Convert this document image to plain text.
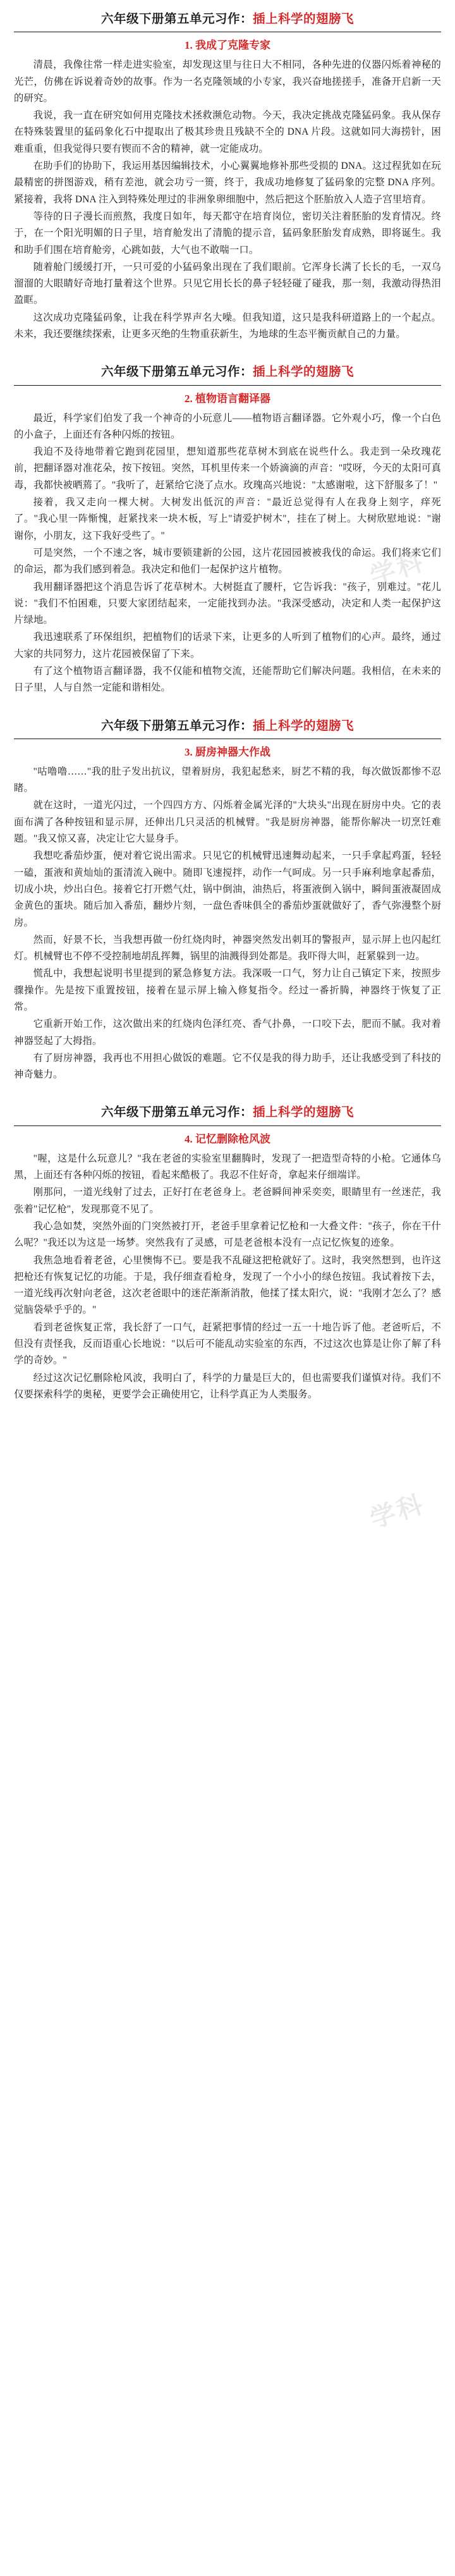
六年级下册第五单元习作：插上科学的翅膀飞
1. 我成了克隆专家

清晨，我像往常一样走进实验室，却发现这里与往日大不相同，各种先进的仪器闪烁着神秘的光芒，仿佛在诉说着奇妙的故事。作为一名克隆领域的小专家，我兴奋地搓搓手，准备开启新一天的研究。

我说，我一直在研究如何用克隆技术拯救濒危动物。今天，我决定挑战克隆猛码象。我从保存在特殊装置里的猛码象化石中提取出了极其珍贵且残缺不全的 DNA 片段。这就如同大海捞针，困难重重，但我觉得只要有锲而不舍的精神，就一定能成功。

在助手们的协助下，我运用基因编辑技术，小心翼翼地修补那些受损的 DNA。这过程犹如在玩最精密的拼图游戏，稍有差池，就会功亏一篑，终于，我成功地修复了猛码象的完整 DNA 序列。紧接着，我将 DNA 注入到特殊处理过的非洲象卵细胞中，然后把这个胚胎放入人造子宫里培育。

等待的日子漫长而煎熬，我度日如年，每天都守在培育岗位，密切关注着胚胎的发育情况。终于，在一个阳光明媚的日子里，培育舱发出了清脆的提示音，猛码象胚胎发育成熟，即将诞生。我和助手们围在培育舱旁，心跳如鼓，大气也不敢喘一口。

随着舱门缓缓打开，一只可爱的小猛码象出现在了我们眼前。它浑身长满了长长的毛，一双乌溜溜的大眼睛好奇地打量着这个世界。只见它用长长的鼻子轻轻碰了碰我，那一刻，我激动得热泪盈眶。

这次成功克隆猛码象，让我在科学界声名大噪。但我知道，这只是我科研道路上的一个起点。未来，我还要继续探索，让更多灭绝的生物重获新生，为地球的生态平衡贡献自己的力量。

学科
六年级下册第五单元习作：插上科学的翅膀飞
2. 植物语言翻译器

最近，科学家们伯发了我一个神奇的小玩意儿——植物语言翻译器。它外观小巧，像一个白色的小盒子，上面还有各种闪烁的按钮。

我迫不及待地带着它跑到花园里，想知道那些花草树木到底在说些什么。我走到一朵玫瑰花前，把翻译器对准花朵，按下按钮。突然，耳机里传来一个娇滴滴的声音："哎呀，今天的太阳可真毒，我都快被晒蔫了。"我听了，赶紧给它浇了点水。玫瑰高兴地说："太感谢啦，这下舒服多了！"

接着，我又走向一棵大树。大树发出低沉的声音："最近总觉得有人在我身上刻字，痒死了。"我心里一阵惭愧，赶紧找来一块木板，写上"请爱护树木"，挂在了树上。大树欣慰地说："谢谢你，小朋友，这下我好受些了。"

可是突然，一个不速之客，城市要锁建新的公园，这片花园园被被我伐的命运。我们将来它们的命运，都为我们感到着急。我决定和他们一起保护这片植物。

我用翻译器把这个消息告诉了花草树木。大树挺直了腰杆，它告诉我："孩子，别难过。"花儿说："我们不怕困难，只要大家团结起来，一定能找到办法。"我深受感动，决定和人类一起保护这片绿地。

我迅速联系了环保组织，把植物们的话录下来，让更多的人听到了植物们的心声。最终，通过大家的共同努力，这片花园被保留了下来。

有了这个植物语言翻译器，我不仅能和植物交流，还能帮助它们解决问题。我相信，在未来的日子里，人与自然一定能和谐相处。

六年级下册第五单元习作：插上科学的翅膀飞
3. 厨房神器大作战

"咕噜噜……"我的肚子发出抗议，望着厨房，我犯起愁来，厨艺不精的我，每次做饭都惨不忍睹。

就在这时，一道光闪过，一个四四方方、闪烁着金属光泽的"大块头"出现在厨房中央。它的表面布满了各种按钮和显示屏，还伸出几只灵活的机械臂。"我是厨房神器，能帮你解决一切烹饪难题。"我又惊又喜，决定让它大显身手。

我想吃番茄炒蛋，便对着它说出需求。只见它的机械臂迅速舞动起来，一只手拿起鸡蛋，轻轻一磕，蛋液和黄灿灿的蛋清流入碗中。随即飞速搅拌，动作一气呵成。另一只手麻利地拿起番茄，切成小块，炒出白色。接着它打开燃气灶，锅中倒油，油热后，将蛋液倒入锅中，瞬间蛋液凝固成金黄色的蛋块。随后加入番茄，翻炒片刻，一盘色香味俱全的番茄炒蛋就做好了，香气弥漫整个厨房。

然而，好景不长，当我想再做一份红烧肉时，神器突然发出刺耳的警报声，显示屏上也闪起红灯。机械臂也不停不受控制地胡乱挥舞，锅里的油溅得到处都是。我吓得大叫，赶紧躲到一边。

慌乱中，我想起说明书里提到的紧急修复方法。我深吸一口气，努力让自己镇定下来，按照步骤操作。先是按下重置按钮，接着在显示屏上输入修复指令。经过一番折腾，神器终于恢复了正常。

它重新开始工作，这次做出来的红烧肉色泽红亮、香气扑鼻，一口咬下去，肥而不腻。我对着神器竖起了大拇指。

有了厨房神器，我再也不用担心做饭的难题。它不仅是我的得力助手，还让我感受到了科技的神奇魅力。

学科
六年级下册第五单元习作：插上科学的翅膀飞
4. 记忆删除枪风波

"喔，这是什么玩意儿？"我在老爸的实验室里翻腾时，发现了一把造型奇特的小枪。它通体乌黑，上面还有各种闪烁的按钮，看起来酷极了。我忍不住好奇，拿起来仔细端详。

刚那问，一道光线射了过去，正好打在老爸身上。老爸瞬间神采奕奕，眼睛里有一丝迷茫，我张着"记忆枪"，发现那竟不见了。

我心急如焚，突然外面的门突然被打开，老爸手里拿着记忆枪和一大叠文件："孩子，你在干什么呢？"我还以为这是一场梦。突然我有了灵感，可是老爸根本没有一点记忆恢复的迹象。

我焦急地看着老爸，心里懊悔不已。要是我不乱碰这把枪就好了。这时，我突然想到，也许这把枪还有恢复记忆的功能。于是，我仔细查看枪身，发现了一个小小的绿色按钮。我试着按下去，一道光线再次射向老爸，这次老爸眼中的迷茫渐渐消散，他揉了揉太阳穴，说："我刚才怎么了？感觉脑袋晕乎乎的。"

看到老爸恢复正常，我长舒了一口气，赶紧把事情的经过一五一十地告诉了他。老爸听后，不但没有责怪我，反而语重心长地说："以后可不能乱动实验室的东西，不过这次也算是让你了解了科学的奇妙。"

经过这次记忆删除枪风波，我明白了，科学的力量是巨大的，但也需要我们谨慎对待。我们不仅要探索科学的奥秘，更要学会正确使用它，让科学真正为人类服务。
